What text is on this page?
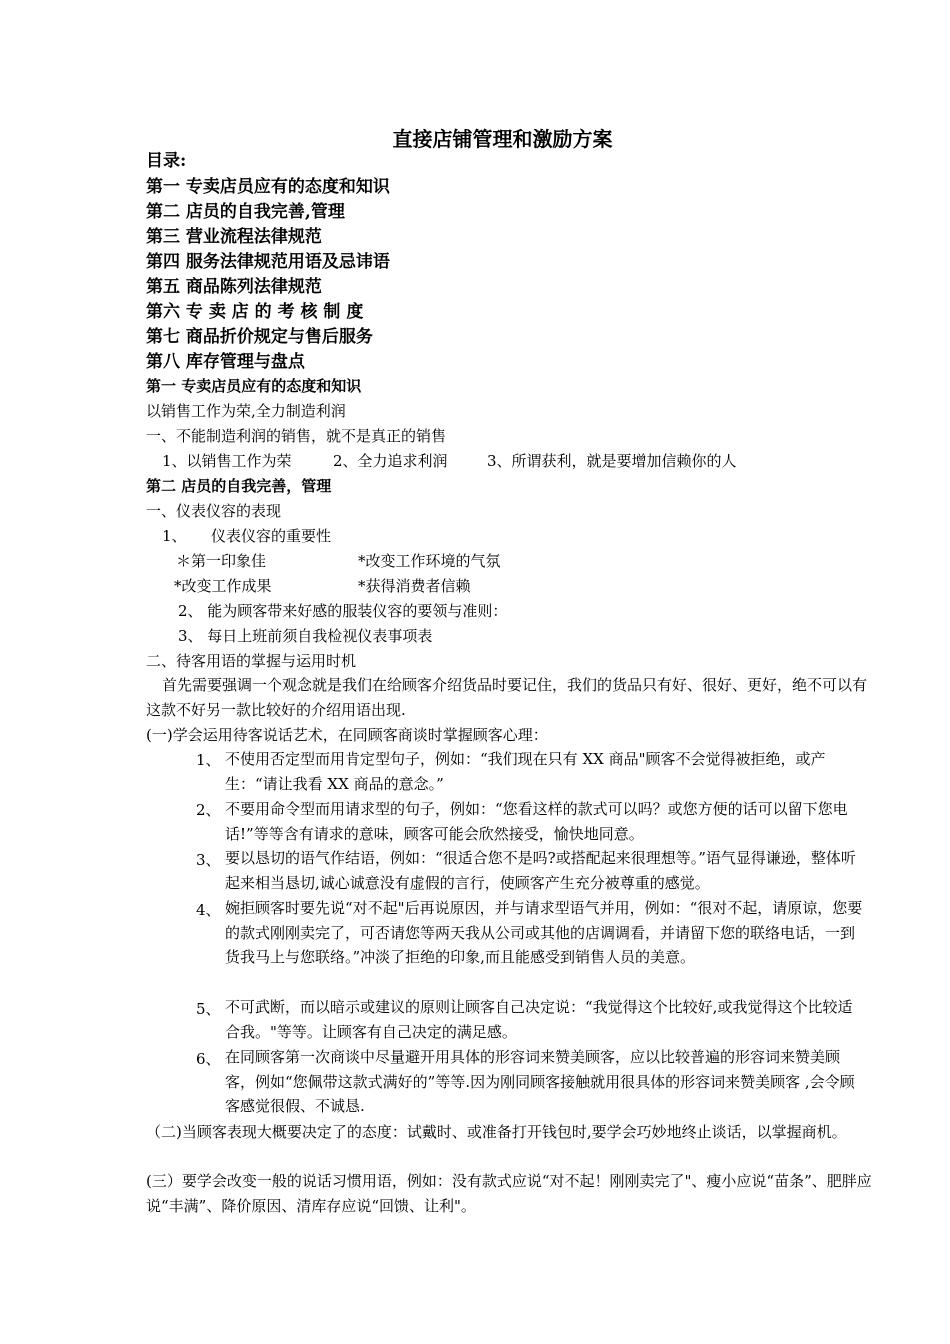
直接店铺管理和激励方案
目录:
第一 专卖店员应有的态度和知识
第二 店员的自我完善,管理
第三 营业流程法律规范
第四 服务法律规范用语及忌讳语
第五 商品陈列法律规范
第六 专 卖 店 的 考 核 制 度
第七 商品折价规定与售后服务
第八 库存管理与盘点
第一 专卖店员应有的态度和知识
以销售工作为荣,全力制造利润
一、不能制造利润的销售，就不是真正的销售
1、以销售工作为荣	2、全力追求利润	3、所谓获利，就是要增加信赖你的人
第二 店员的自我完善，管理
一、仪表仪容的表现
1、 仪表仪容的重要性
＊第一印象佳	*改变工作环境的气氛
*改变工作成果	*获得消费者信赖
2、 能为顾客带来好感的服装仪容的要领与准则：
3、 每日上班前须自我检视仪表事项表
二、待客用语的掌握与运用时机
首先需要强调一个观念就是我们在给顾客介绍货品时要记住，我们的货品只有好、很好、更好，绝不可以有这款不好另一款比较好的介绍用语出现.
(一)学会运用待客说话艺术，在同顾客商谈时掌握顾客心理：
1、 不使用否定型而用肯定型句子，例如：“我们现在只有 XX 商品"顾客不会觉得被拒绝，或产生：“请让我看 XX 商品的意念。”
2、 不要用命令型而用请求型的句子，例如：“您看这样的款式可以吗？或您方便的话可以留下您电话!”等等含有请求的意味，顾客可能会欣然接受，愉快地同意。
3、 要以恳切的语气作结语，例如：“很适合您不是吗?或搭配起来很理想等。”语气显得谦逊，整体听起来相当恳切,诚心诚意没有虚假的言行，使顾客产生充分被尊重的感觉。
4、 婉拒顾客时要先说“对不起"后再说原因，并与请求型语气并用，例如：“很对不起，请原谅，您要的款式刚刚卖完了，可否请您等两天我从公司或其他的店调调看，并请留下您的联络电话，一到货我马上与您联络。”冲淡了拒绝的印象,而且能感受到销售人员的美意。
5、 不可武断，而以暗示或建议的原则让顾客自己决定说：“我觉得这个比较好,或我觉得这个比较适合我。"等等。让顾客有自己决定的满足感。
6、 在同顾客第一次商谈中尽量避开用具体的形容词来赞美顾客，应以比较普遍的形容词来赞美顾客，例如“您佩带这款式满好的”等等.因为刚同顾客接触就用很具体的形容词来赞美顾客 ,会令顾客感觉很假、不诚恳.
（二)当顾客表现大概要决定了的态度：试戴时、或准备打开钱包时,要学会巧妙地终止谈话，以掌握商机。
(三）要学会改变一般的说话习惯用语，例如：没有款式应说“对不起！刚刚卖完了"、瘦小应说“苗条”、肥胖应说“丰满”、降价原因、清库存应说“回馈、让利"。
